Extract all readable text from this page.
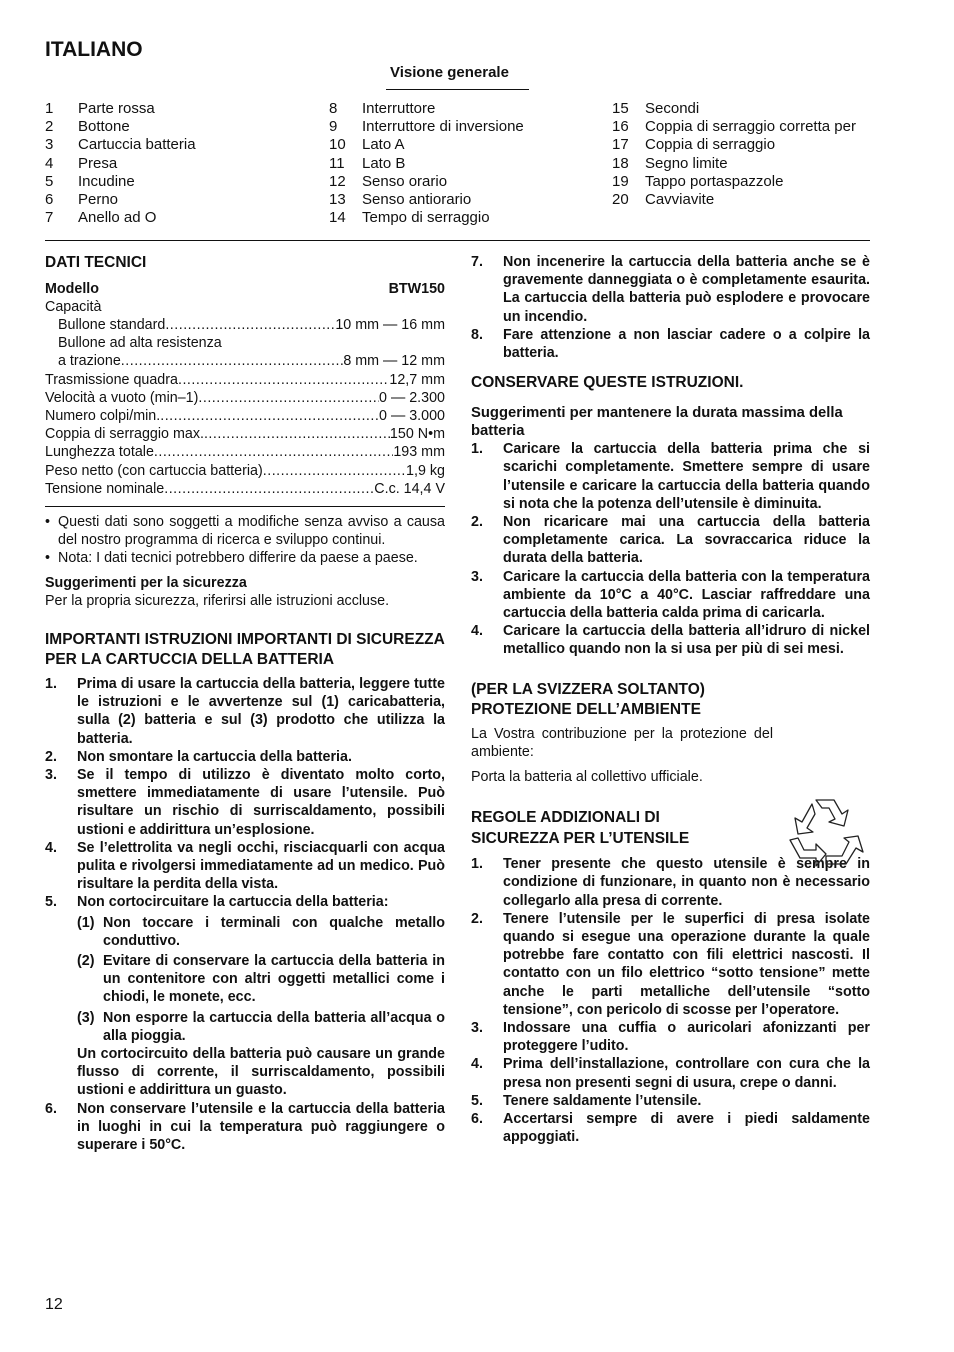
ITALIANO
Visione generale
1	Parte rossa
2	Bottone
3	Cartuccia batteria
4	Presa
5	Incudine
6	Perno
7	Anello ad O
8	Interruttore
9	Interruttore di inversione
10	Lato A
11	Lato B
12	Senso orario
13	Senso antiorario
14	Tempo di serraggio
15	Secondi
16	Coppia di serraggio corretta per
17	Coppia di serraggio
18	Segno limite
19	Tappo portaspazzole
20	Cavviavite
DATI TECNICI
Modello	BTW150

Capacità

Bullone standard .....	10 mm — 16 mm
Bullone ad alta resistenza
a trazione .....	8 mm — 12 mm
Trasmissione quadra .....	12,7 mm
Velocità a vuoto (min–1) .....	0 — 2.300
Numero colpi/min. .....	0 — 3.000
Coppia di serraggio max. .....	150 N•m
Lunghezza totale .....	193 mm
Peso netto (con cartuccia batteria) .....	1,9 kg
Tensione nominale .....	C.c. 14,4 V
• Questi dati sono soggetti a modifiche senza avviso a causa del nostro programma di ricerca e sviluppo continui.
• Nota: I dati tecnici potrebbero differire da paese a paese.

Suggerimenti per la sicurezza

Per la propria sicurezza, riferirsi alle istruzioni accluse.

IMPORTANTI ISTRUZIONI IMPORTANTI DI SICUREZZA PER LA CARTUCCIA DELLA BATTERIA
1.	Prima di usare la cartuccia della batteria, leggere tutte le istruzioni e le avvertenze sul (1) caricabatteria, sulla (2) batteria e sul (3) prodotto che utilizza la batteria.
2.	Non smontare la cartuccia della batteria.
3.	Se il tempo di utilizzo è diventato molto corto, smettere immediatamente di usare l’utensile. Può risultare un rischio di surriscaldamento, possibili ustioni e addirittura un’esplosione.
4.	Se l’elettrolita va negli occhi, risciacquarli con acqua pulita e rivolgersi immediatamente ad un medico. Può risultare la perdita della vista.
5.	Non cortocircuitare la cartuccia della batteria:
(1) Non toccare i terminali con qualche metallo conduttivo.
(2) Evitare di conservare la cartuccia della batteria in un contenitore con altri oggetti metallici come i chiodi, le monete, ecc.
(3) Non esporre la cartuccia della batteria all’acqua o alla pioggia.
Un cortocircuito della batteria può causare un grande flusso di corrente, il surriscaldamento, possibili ustioni e addirittura un guasto.
6.	Non conservare l’utensile e la cartuccia della batteria in luoghi in cui la temperatura può raggiungere o superare i 50°C.
7.	Non incenerire la cartuccia della batteria anche se è gravemente danneggiata o è completamente esaurita. La cartuccia della batteria può esplodere e provocare un incendio.
8.	Fare attenzione a non lasciar cadere o a colpire la batteria.
CONSERVARE QUESTE ISTRUZIONI.

Suggerimenti per mantenere la durata massima della batteria

1.	Caricare la cartuccia della batteria prima che si scarichi completamente. Smettere sempre di usare l’utensile e caricare la cartuccia della batteria quando si nota che la potenza dell’utensile è diminuita.
2.	Non ricaricare mai una cartuccia della batteria completamente carica. La sovraccarica riduce la durata della batteria.
3.	Caricare la cartuccia della batteria con la temperatura ambiente da 10°C a 40°C. Lasciar raffreddare una cartuccia della batteria calda prima di caricarla.
4.	Caricare la cartuccia della batteria all’idruro di nickel metallico quando non la si usa per più di sei mesi.
(PER LA SVIZZERA SOLTANTO) PROTEZIONE DELL’AMBIENTE

La Vostra contribuzione per la protezione del ambiente:

Porta la batteria al collettivo ufficiale.

REGOLE ADDIZIONALI DI SICUREZZA PER L’UTENSILE
1.	Tener presente che questo utensile è sempre in condizione di funzionare, in quanto non è necessario collegarlo alla presa di corrente.
2.	Tenere l’utensile per le superfici di presa isolate quando si esegue una operazione durante la quale potrebbe fare contatto con fili elettrici nascosti. Il contatto con un filo elettrico “sotto tensione” mette anche le parti metalliche dell’utensile “sotto tensione”, con pericolo di scosse per l’operatore.
3.	Indossare una cuffia o auricolari afonizzanti per proteggere l’udito.
4.	Prima dell’installazione, controllare con cura che la presa non presenti segni di usura, crepe o danni.
5.	Tenere saldamente l’utensile.
6.	Accertarsi sempre di avere i piedi saldamente appoggiati.
12
